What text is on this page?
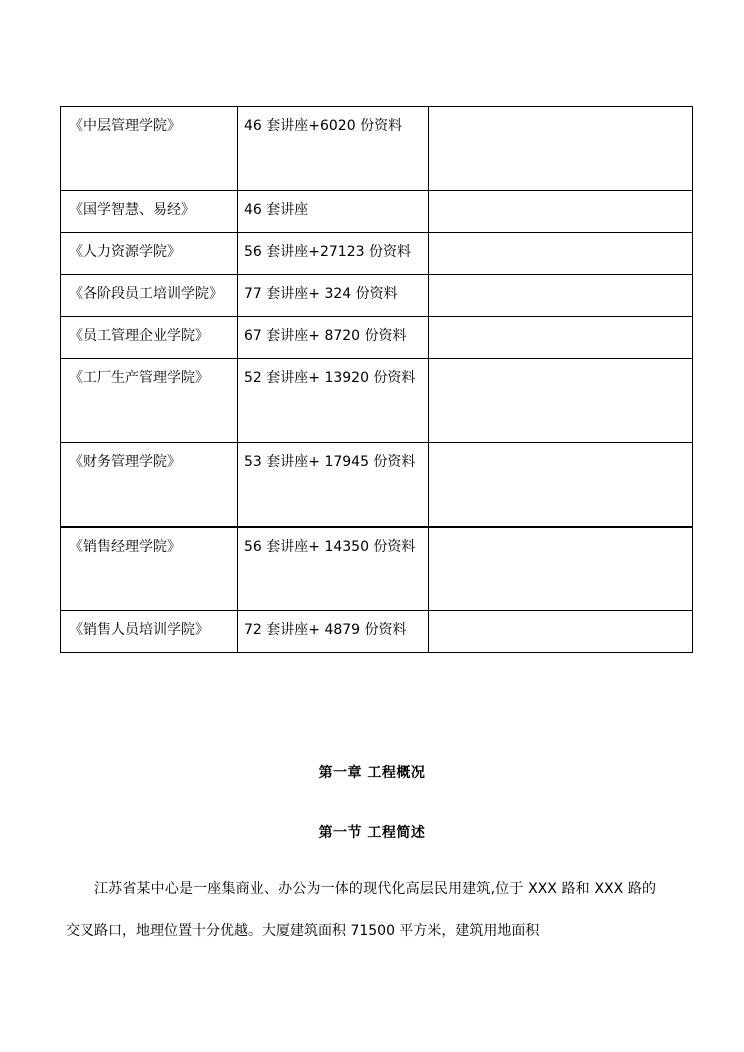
《中层管理学院》	46 套讲座+6020 份资料	

《国学智慧、易经》	46 套讲座	

《人力资源学院》	56 套讲座+27123 份资料	

《各阶段员工培训学院》	77 套讲座+ 324 份资料	

《员工管理企业学院》	67 套讲座+ 8720 份资料	

《工厂生产管理学院》	52 套讲座+ 13920 份资料	

《财务管理学院》	53 套讲座+ 17945 份资料	

《销售经理学院》	56 套讲座+ 14350 份资料	

《销售人员培训学院》	72 套讲座+ 4879 份资料	

第一章 工程概况
第一节 工程简述
江苏省某中心是一座集商业、办公为一体的现代化高层民用建筑,位于 XXX 路和 XXX 路的交叉路口，地理位置十分优越。大厦建筑面积 71500 平方米，建筑用地面积
